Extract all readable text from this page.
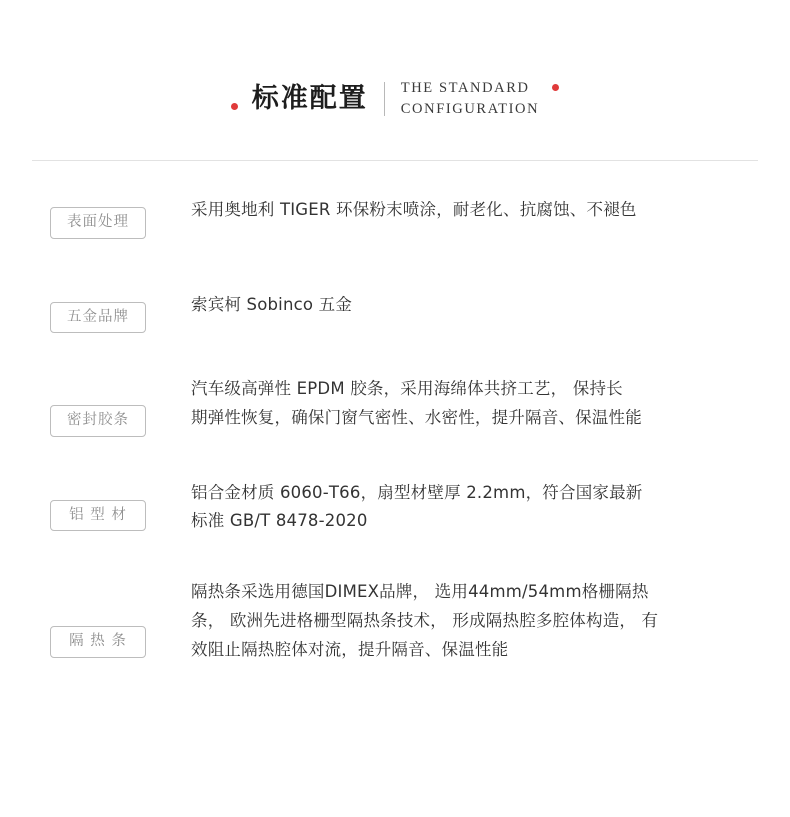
标准配置 THE STANDARD
CONFIGURATION
表面处理
采用奥地利 TIGER 环保粉末喷涂，耐老化、抗腐蚀、不褪色
五金品牌
索宾柯 Sobinco 五金
密封胶条
汽车级高弹性 EPDM 胶条，采用海绵体共挤工艺， 保持长
期弹性恢复，确保门窗气密性、水密性，提升隔音、保温性能
铝 型 材
铝合金材质 6060-T66，扇型材壁厚 2.2mm，符合国家最新
标准 GB/T 8478-2020
隔 热 条
隔热条采选用德国DIMEX品牌， 选用44mm/54mm格栅隔热
条， 欧洲先进格栅型隔热条技术， 形成隔热腔多腔体构造， 有
效阻止隔热腔体对流，提升隔音、保温性能
